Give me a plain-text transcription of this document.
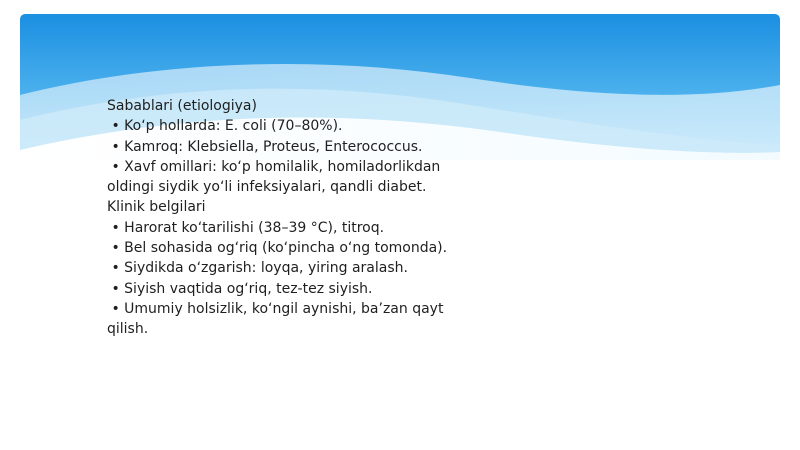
Sabablari (etiologiya)

• Ko‘p hollarda: E. coli (70–80%).

• Kamroq: Klebsiella, Proteus, Enterococcus.

• Xavf omillari: ko‘p homilalik, homiladorlikdan oldingi siydik yo‘li infeksiyalari, qandli diabet.

Klinik belgilari

• Harorat ko‘tarilishi (38–39 °C), titroq.

• Bel sohasida og‘riq (ko‘pincha o‘ng tomonda).

• Siydikda o‘zgarish: loyqa, yiring aralash.

• Siyish vaqtida og‘riq, tez-tez siyish.

• Umumiy holsizlik, ko‘ngil aynishi, ba’zan qayt qilish.
